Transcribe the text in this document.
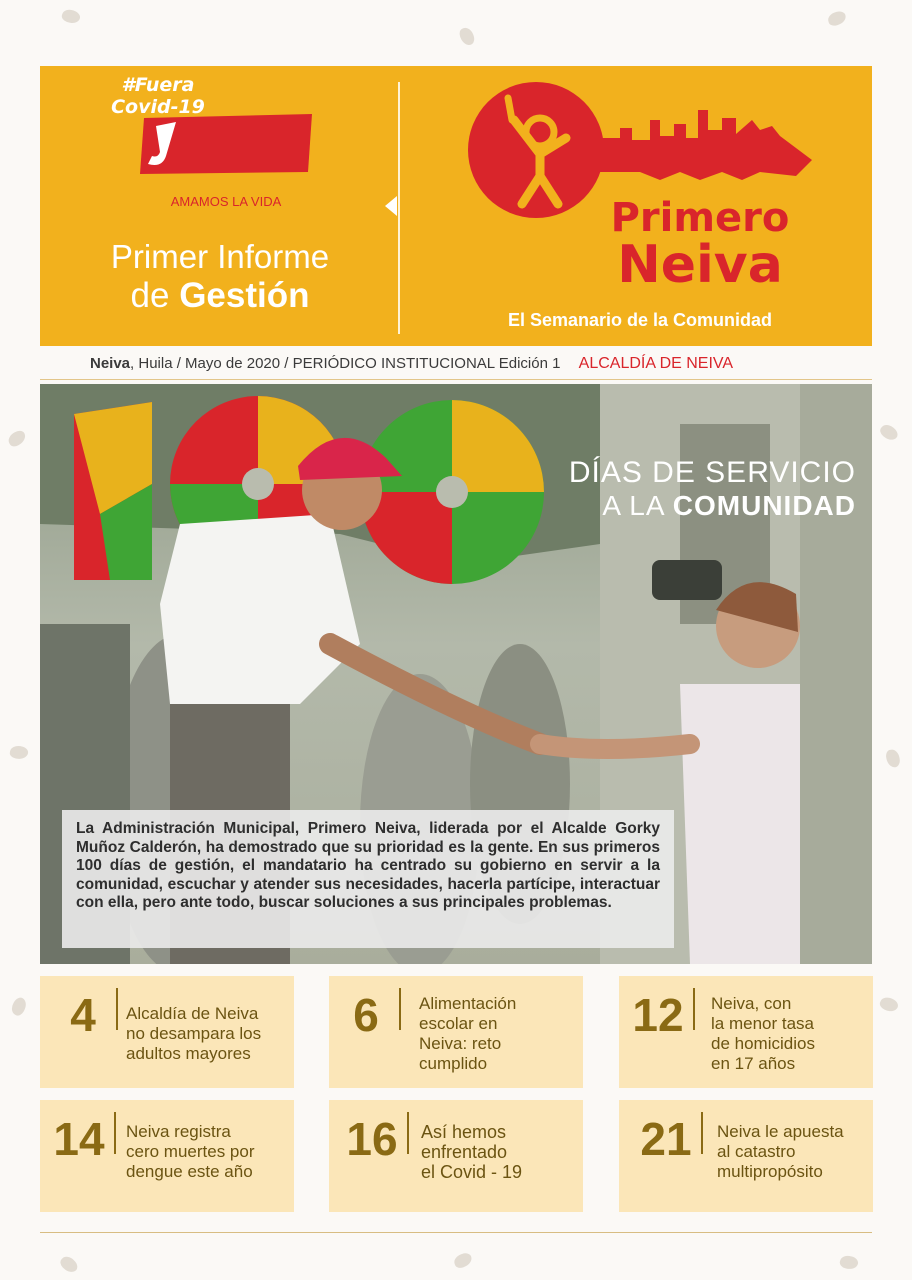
#Fuera
Covid-19
AMAMOS LA VIDA
Primer Informe
de Gestión
Primero
Neiva
El Semanario de la Comunidad
Neiva, Huila / Mayo de 2020 / PERIÓDICO INSTITUCIONAL Edición 1 ALCALDÍA DE NEIVA
DÍAS DE SERVICIO
A LA COMUNIDAD

La Administración Municipal, Primero Neiva, liderada por el Alcalde Gorky Muñoz Calderón, ha demostrado que su prioridad es la gente. En sus primeros 100 días de gestión, el mandatario ha centrado su gobierno en servir a la comunidad, escuchar y atender sus necesidades, hacerla partícipe, interactuar con ella, pero ante todo, buscar soluciones a sus principales problemas.

4	Alcaldía de Neiva
no desampara los
adultos mayores
6	Alimentación
escolar en
Neiva: reto
cumplido
12	Neiva, con
la menor tasa
de homicidios
en 17 años
14	Neiva registra
cero muertes por
dengue este año
16	Así hemos
enfrentado
el Covid - 19
21	Neiva le apuesta
al catastro
multipropósito
